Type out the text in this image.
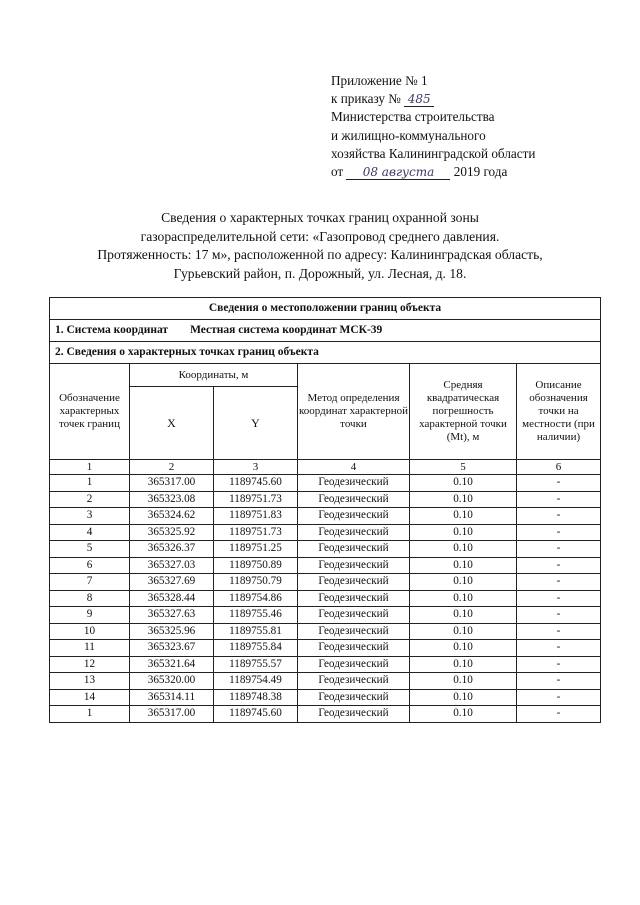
Приложение № 1
к приказу № 485
Министерства строительства
и жилищно-коммунального
хозяйства Калининградской области
от 08 августа 2019 года
Сведения о характерных точках границ охранной зоны
газораспределительной сети: «Газопровод среднего давления.
Протяженность: 17 м», расположенной по адресу: Калининградская область,
Гурьевский район, п. Дорожный, ул. Лесная, д. 18.
Сведения о местоположении границ объекта					
1. Система координат Местная система координат МСК-39					
2. Сведения о характерных точках границ объекта					
Обозначение характерных точек границ	Координаты, м		Метод определения координат характерной точки	Средняя квадратическая погрешность характерной точки (Mt), м	Описание обозначения точки на местности (при наличии)
	X	Y			
1	2	3	4	5	6
1	365317.00	1189745.60	Геодезический	0.10	-
2	365323.08	1189751.73	Геодезический	0.10	-
3	365324.62	1189751.83	Геодезический	0.10	-
4	365325.92	1189751.73	Геодезический	0.10	-
5	365326.37	1189751.25	Геодезический	0.10	-
6	365327.03	1189750.89	Геодезический	0.10	-
7	365327.69	1189750.79	Геодезический	0.10	-
8	365328.44	1189754.86	Геодезический	0.10	-
9	365327.63	1189755.46	Геодезический	0.10	-
10	365325.96	1189755.81	Геодезический	0.10	-
11	365323.67	1189755.84	Геодезический	0.10	-
12	365321.64	1189755.57	Геодезический	0.10	-
13	365320.00	1189754.49	Геодезический	0.10	-
14	365314.11	1189748.38	Геодезический	0.10	-
1	365317.00	1189745.60	Геодезический	0.10	-
